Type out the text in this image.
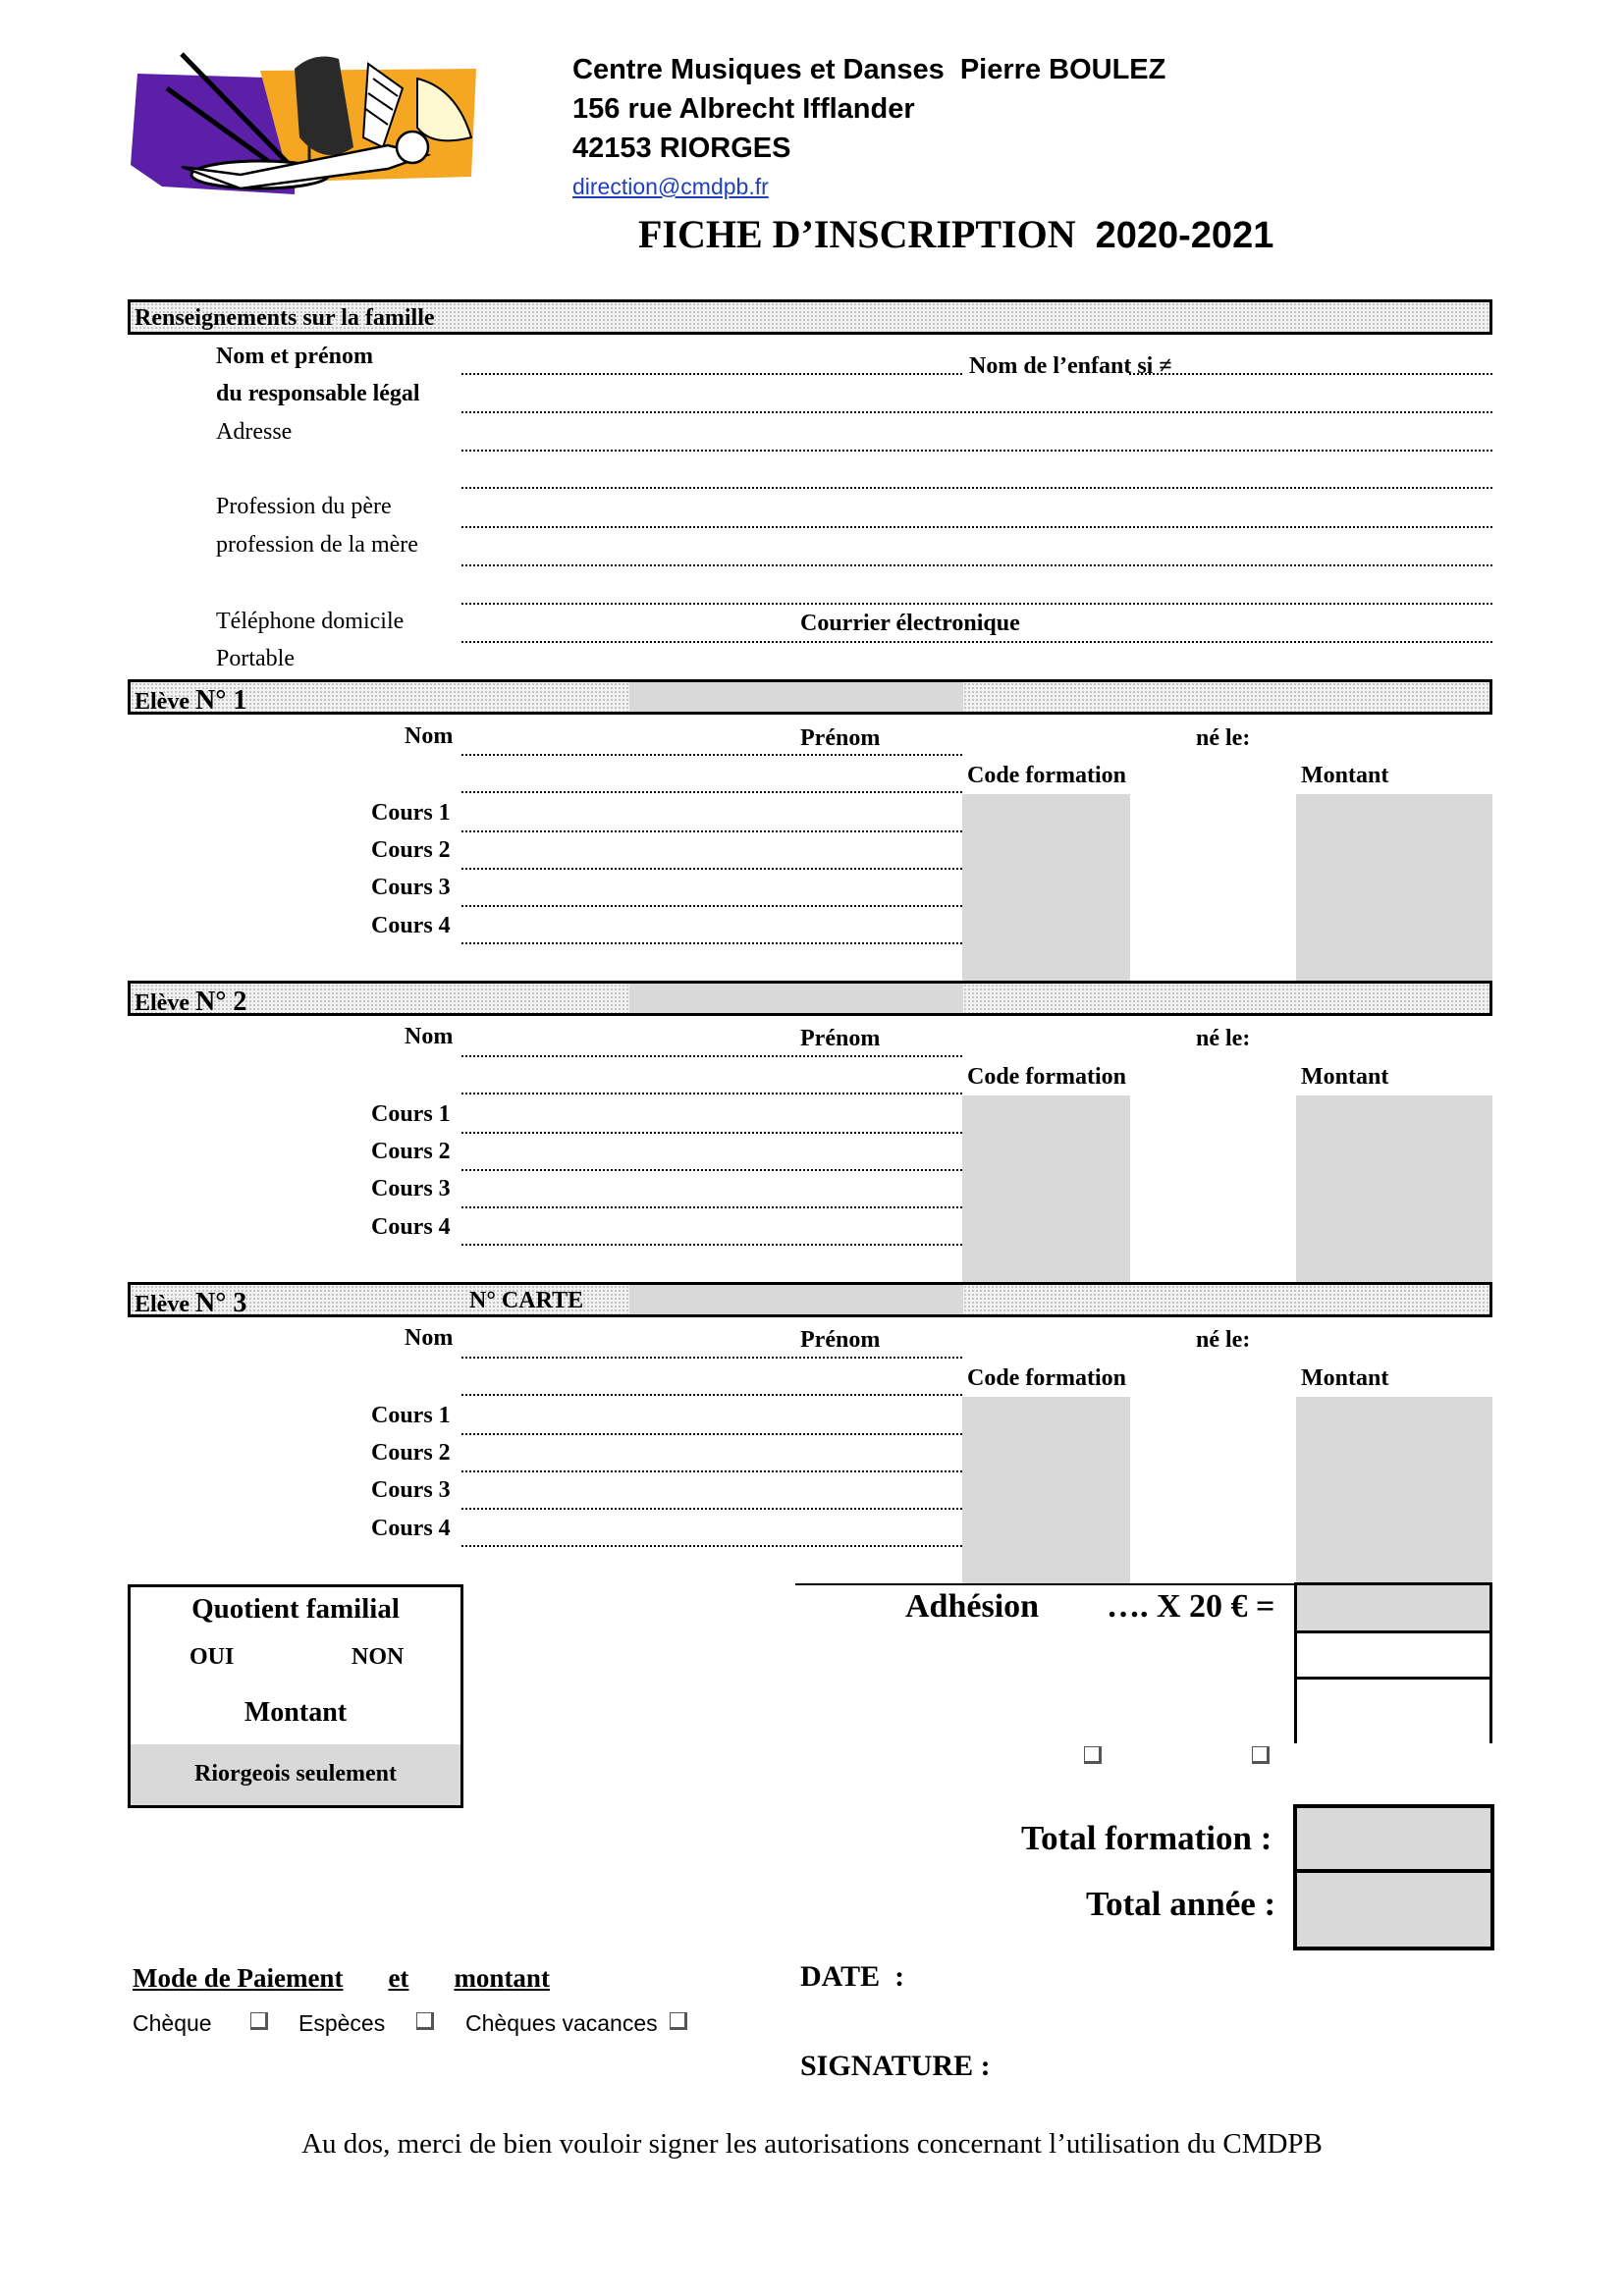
Centre Musiques et Danses  Pierre BOULEZ
156 rue Albrecht Ifflander
42153 RIORGES
direction@cmdpb.fr
FICHE D’INSCRIPTION 2020-2021
Renseignements sur la famille
Nom et prénom
du responsable légal
Nom de l’enfant si ≠
Adresse
Profession du père
profession de la mère
Téléphone domicile	Courrier électronique
Portable
Elève N° 1
Nom	Prénom	né le:
Code formation	Montant
Cours 1
Cours 2
Cours 3
Cours 4
Elève N° 2
Nom	Prénom	né le:
Code formation	Montant
Cours 1
Cours 2
Cours 3
Cours 4
Elève N° 3	N° CARTE
Nom	Prénom	né le:
Code formation	Montant
Cours 1
Cours 2
Cours 3
Cours 4
Quotient familial
OUI	NON
Montant
Riorgeois seulement
Adhésion …. X 20 € =
Total formation :
Total année :
Mode de Paiement et montant	DATE  :
Chèque	Espèces	Chèques vacances
SIGNATURE :
Au dos, merci de bien vouloir signer les autorisations concernant l’utilisation du CMDPB
